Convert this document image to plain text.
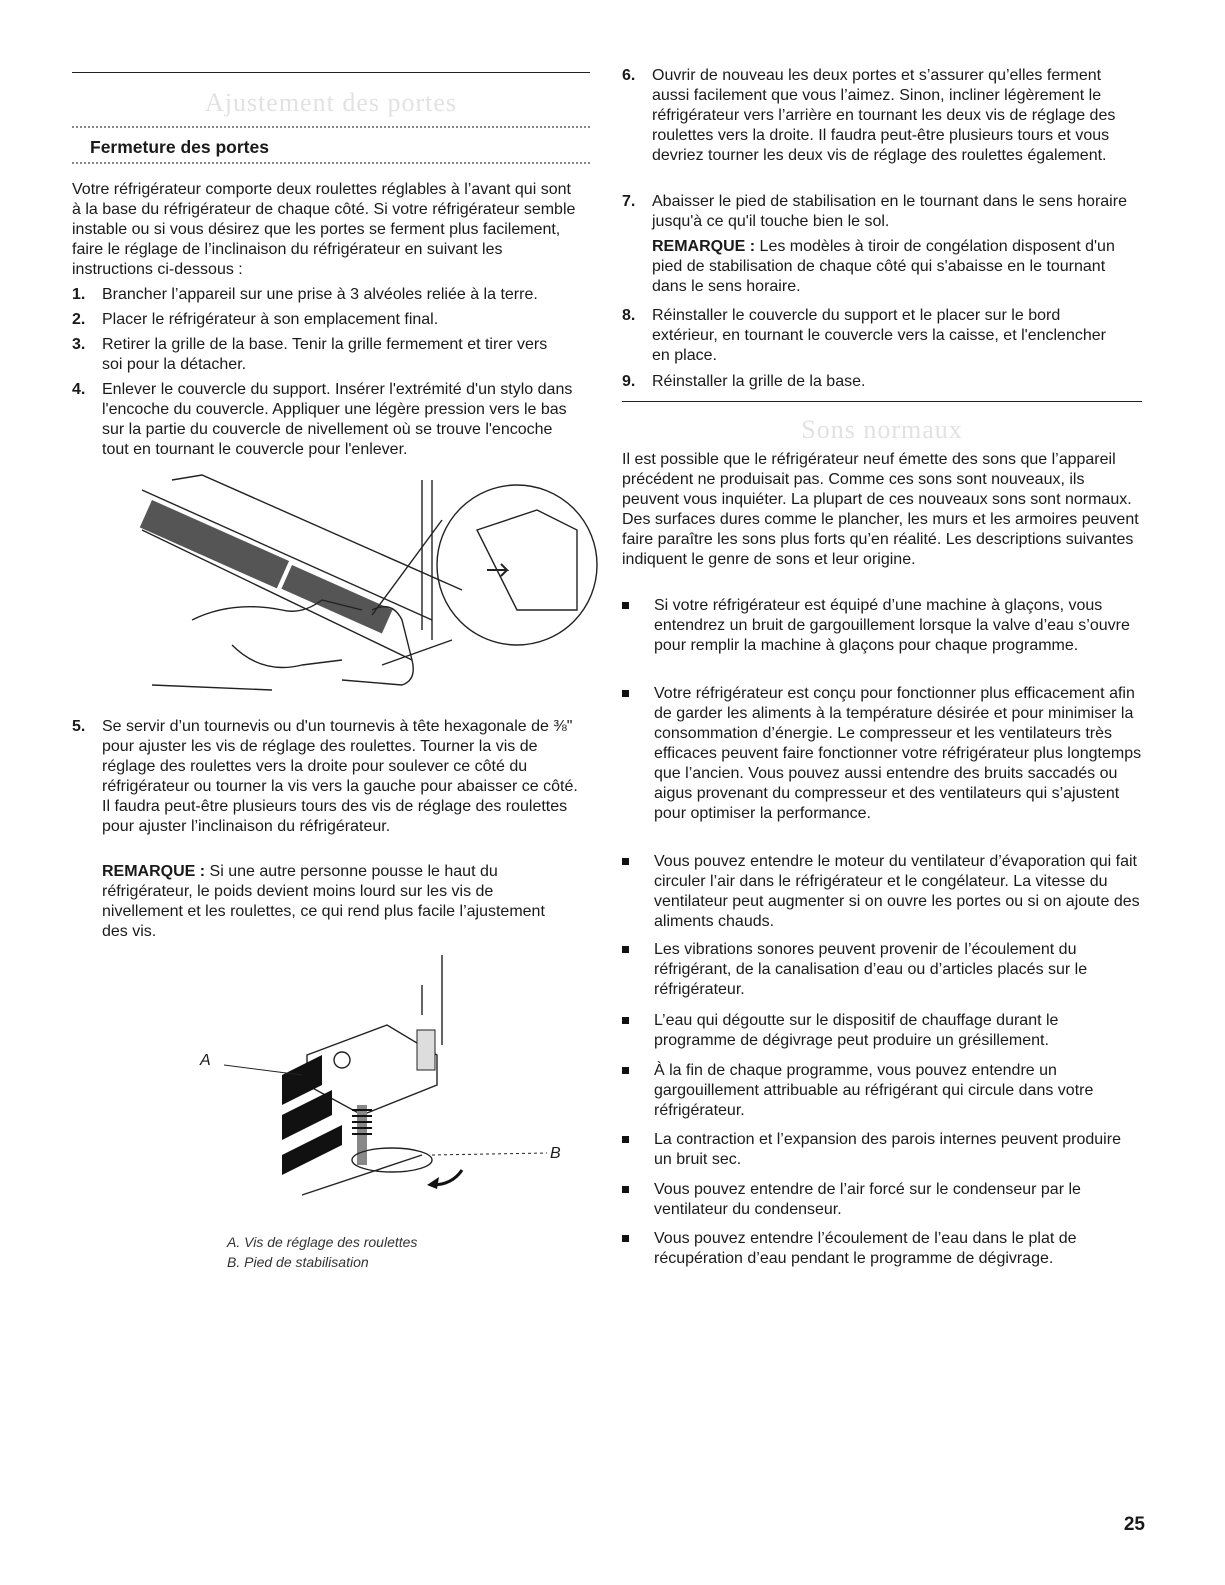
Ajustement des portes
Fermeture des portes

Votre réfrigérateur comporte deux roulettes réglables à l’avant qui sont à la base du réfrigérateur de chaque côté. Si votre réfrigérateur semble instable ou si vous désirez que les portes se ferment plus facilement, faire le réglage de l’inclinaison du réfrigérateur en suivant les instructions ci-dessous :

1. Brancher l’appareil sur une prise à 3 alvéoles reliée à la terre.

2. Placer le réfrigérateur à son emplacement final.

3. Retirer la grille de la base. Tenir la grille fermement et tirer vers soi pour la détacher.

4. Enlever le couvercle du support. Insérer l'extrémité d'un stylo dans l'encoche du couvercle. Appliquer une légère pression vers le bas sur la partie du couvercle de nivellement où se trouve l'encoche tout en tournant le couvercle pour l'enlever.

5. Se servir d’un tournevis ou d'un tournevis à tête hexagonale de ⅜" pour ajuster les vis de réglage des roulettes. Tourner la vis de réglage des roulettes vers la droite pour soulever ce côté du réfrigérateur ou tourner la vis vers la gauche pour abaisser ce côté. Il faudra peut-être plusieurs tours des vis de réglage des roulettes pour ajuster l’inclinaison du réfrigérateur.

REMARQUE : Si une autre personne pousse le haut du réfrigérateur, le poids devient moins lourd sur les vis de nivellement et les roulettes, ce qui rend plus facile l’ajustement des vis.

A
B
A. Vis de réglage des roulettes
B. Pied de stabilisation
6. Ouvrir de nouveau les deux portes et s’assurer qu’elles ferment aussi facilement que vous l’aimez. Sinon, incliner légèrement le réfrigérateur vers l’arrière en tournant les deux vis de réglage des roulettes vers la droite. Il faudra peut-être plusieurs tours et vous devriez tourner les deux vis de réglage des roulettes également.

7. Abaisser le pied de stabilisation en le tournant dans le sens horaire jusqu'à ce qu'il touche bien le sol.

REMARQUE : Les modèles à tiroir de congélation disposent d'un pied de stabilisation de chaque côté qui s'abaisse en le tournant dans le sens horaire.

8. Réinstaller le couvercle du support et le placer sur le bord extérieur, en tournant le couvercle vers la caisse, et l'enclencher en place.

9. Réinstaller la grille de la base.

Sons normaux

Il est possible que le réfrigérateur neuf émette des sons que l’appareil précédent ne produisait pas. Comme ces sons sont nouveaux, ils peuvent vous inquiéter. La plupart de ces nouveaux sons sont normaux. Des surfaces dures comme le plancher, les murs et les armoires peuvent faire paraître les sons plus forts qu’en réalité. Les descriptions suivantes indiquent le genre de sons et leur origine.

Si votre réfrigérateur est équipé d’une machine à glaçons, vous entendrez un bruit de gargouillement lorsque la valve d’eau s’ouvre pour remplir la machine à glaçons pour chaque programme.

Votre réfrigérateur est conçu pour fonctionner plus efficacement afin de garder les aliments à la température désirée et pour minimiser la consommation d’énergie. Le compresseur et les ventilateurs très efficaces peuvent faire fonctionner votre réfrigérateur plus longtemps que l’ancien. Vous pouvez aussi entendre des bruits saccadés ou aigus provenant du compresseur et des ventilateurs qui s’ajustent pour optimiser la performance.

Vous pouvez entendre le moteur du ventilateur d’évaporation qui fait circuler l’air dans le réfrigérateur et le congélateur. La vitesse du ventilateur peut augmenter si on ouvre les portes ou si on ajoute des aliments chauds.

Les vibrations sonores peuvent provenir de l’écoulement du réfrigérant, de la canalisation d’eau ou d’articles placés sur le réfrigérateur.

L’eau qui dégoutte sur le dispositif de chauffage durant le programme de dégivrage peut produire un grésillement.

À la fin de chaque programme, vous pouvez entendre un gargouillement attribuable au réfrigérant qui circule dans votre réfrigérateur.

La contraction et l’expansion des parois internes peuvent produire un bruit sec.

Vous pouvez entendre de l’air forcé sur le condenseur par le ventilateur du condenseur.

Vous pouvez entendre l’écoulement de l’eau dans le plat de récupération d’eau pendant le programme de dégivrage.

25
